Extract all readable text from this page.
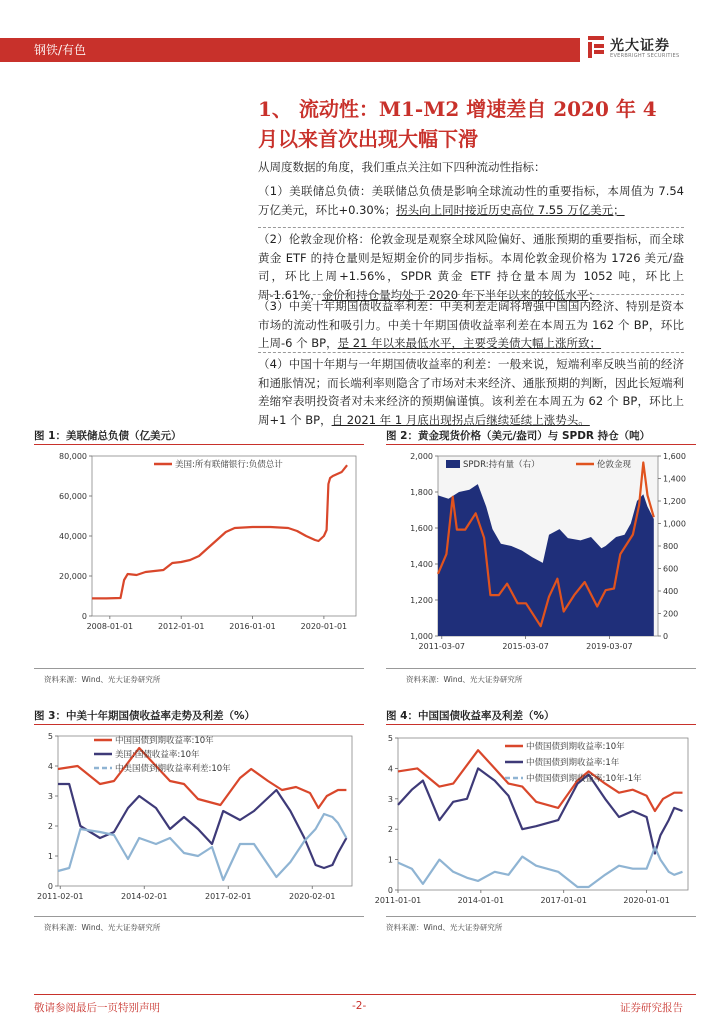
钢铁/有色	光大证券
EVERBRIGHT SECURITIES
1、 流动性：M1-M2 增速差自 2020 年 4 月以来首次出现大幅下滑
从周度数据的角度，我们重点关注如下四种流动性指标：
（1）美联储总负债：美联储总负债是影响全球流动性的重要指标，本周值为 7.54 万亿美元，环比+0.30%；拐头向上同时接近历史高位 7.55 万亿美元；
（2）伦敦金现价格：伦敦金现是观察全球风险偏好、通胀预期的重要指标，而全球黄金 ETF 的持仓量则是短期金价的同步指标。本周伦敦金现价格为 1726 美元/盎司，环比上周+1.56%，SPDR 黄金 ETF 持仓量本周为 1052 吨，环比上周-1.61%，金价和持仓量均处于 2020 年下半年以来的较低水平；
（3）中美十年期国债收益率利差：中美利差走阔将增强中国国内经济、特别是资本市场的流动性和吸引力。中美十年期国债收益率利差在本周五为 162 个 BP，环比上周-6 个 BP，是 21 年以来最低水平，主要受美债大幅上涨所致；
（4）中国十年期与一年期国债收益率的利差：一般来说，短端利率反映当前的经济和通胀情况；而长端利率则隐含了市场对未来经济、通胀预期的判断，因此长短端利差缩窄表明投资者对未来经济的预期偏谨慎。该利差在本周五为 62 个 BP，环比上周+1 个 BP，自 2021 年 1 月底出现拐点后继续延续上涨势头。
图 1：美联储总负债（亿美元）	图 2：黄金现货价格（美元/盎司）与 SPDR 持仓（吨）
0
20,000
40,000
60,000
80,000
2008-01-01	2012-01-01	2016-01-01	2020-01-01
美国:所有联储银行:负债总计
1,000
1,200
1,400
1,600
1,800
2,000
0
200
400
600
800
1,000
1,200
1,400
1,600
2011-03-07	2015-03-07	2019-03-07
SPDR:持有量（右）	伦敦金现
资料来源：Wind、光大证券研究所	资料来源：Wind、光大证券研究所
图 3：中美十年期国债收益率走势及利差（%）	图 4：中国国债收益率及利差（%）
0
1
2
3
4
5
2011-02-01	2014-02-01	2017-02-01	2020-02-01
中国国债到期收益率:10年
美国:国债收益率:10年
中美国债到期收益率利差:10年
0
1
2
3
4
5
2011-01-01	2014-01-01	2017-01-01	2020-01-01
中债国债到期收益率:10年
中债国债到期收益率:1年
中债国债到期收益率:10年-1年
资料来源：Wind、光大证券研究所	资料来源：Wind、光大证券研究所
敬请参阅最后一页特别声明	-2-	证券研究报告
